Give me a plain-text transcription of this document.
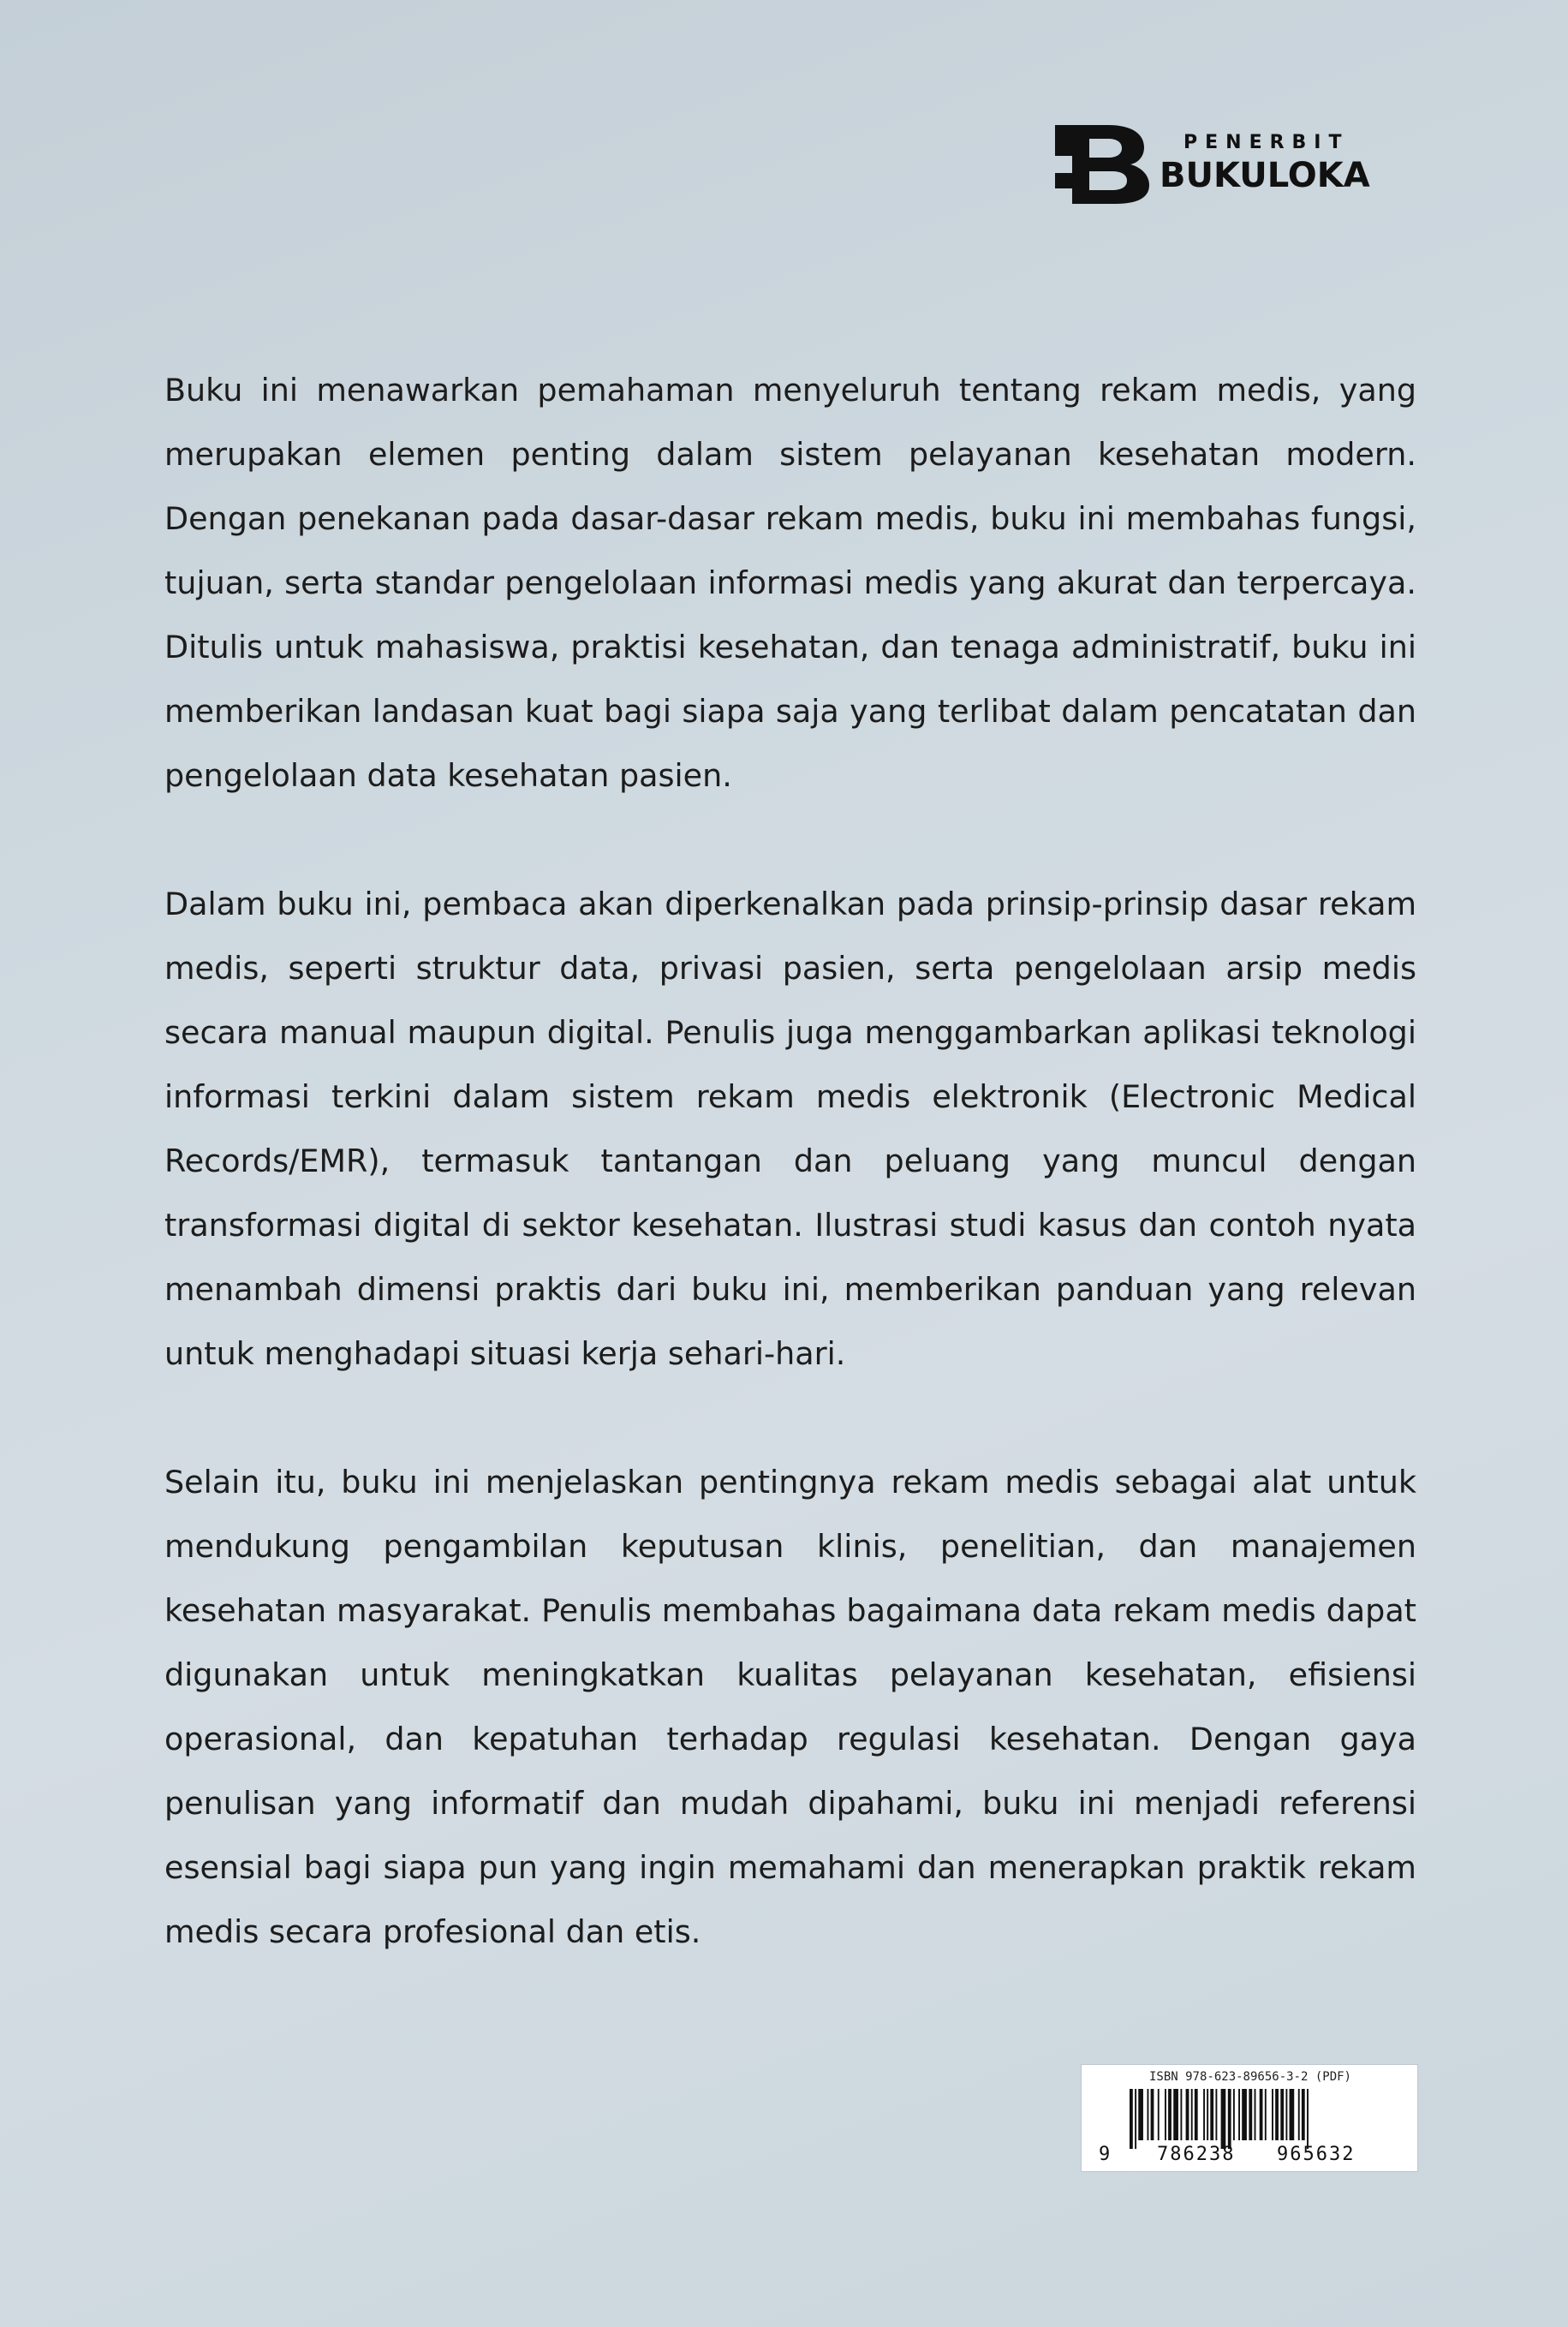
PENERBIT
BUKULOKA

Buku ini menawarkan pemahaman menyeluruh tentang rekam medis, yang merupakan elemen penting dalam sistem pelayanan kesehatan modern. Dengan penekanan pada dasar-dasar rekam medis, buku ini membahas fungsi, tujuan, serta standar pengelolaan informasi medis yang akurat dan terpercaya. Ditulis untuk mahasiswa, praktisi kesehatan, dan tenaga administratif, buku ini memberikan landasan kuat bagi siapa saja yang terlibat dalam pencatatan dan pengelolaan data kesehatan pasien.

Dalam buku ini, pembaca akan diperkenalkan pada prinsip-prinsip dasar rekam medis, seperti struktur data, privasi pasien, serta pengelolaan arsip medis secara manual maupun digital. Penulis juga menggambarkan aplikasi teknologi informasi terkini dalam sistem rekam medis elektronik (Electronic Medical Records/EMR), termasuk tantangan dan peluang yang muncul dengan transformasi digital di sektor kesehatan. Ilustrasi studi kasus dan contoh nyata menambah dimensi praktis dari buku ini, memberikan panduan yang relevan untuk menghadapi situasi kerja sehari-hari.

Selain itu, buku ini menjelaskan pentingnya rekam medis sebagai alat untuk mendukung pengambilan keputusan klinis, penelitian, dan manajemen kesehatan masyarakat. Penulis membahas bagaimana data rekam medis dapat digunakan untuk meningkatkan kualitas pelayanan kesehatan, efisiensi operasional, dan kepatuhan terhadap regulasi kesehatan. Dengan gaya penulisan yang informatif dan mudah dipahami, buku ini menjadi referensi esensial bagi siapa pun yang ingin memahami dan menerapkan praktik rekam medis secara profesional dan etis.

ISBN 978-623-89656-3-2 (PDF)
9 786238 965632
